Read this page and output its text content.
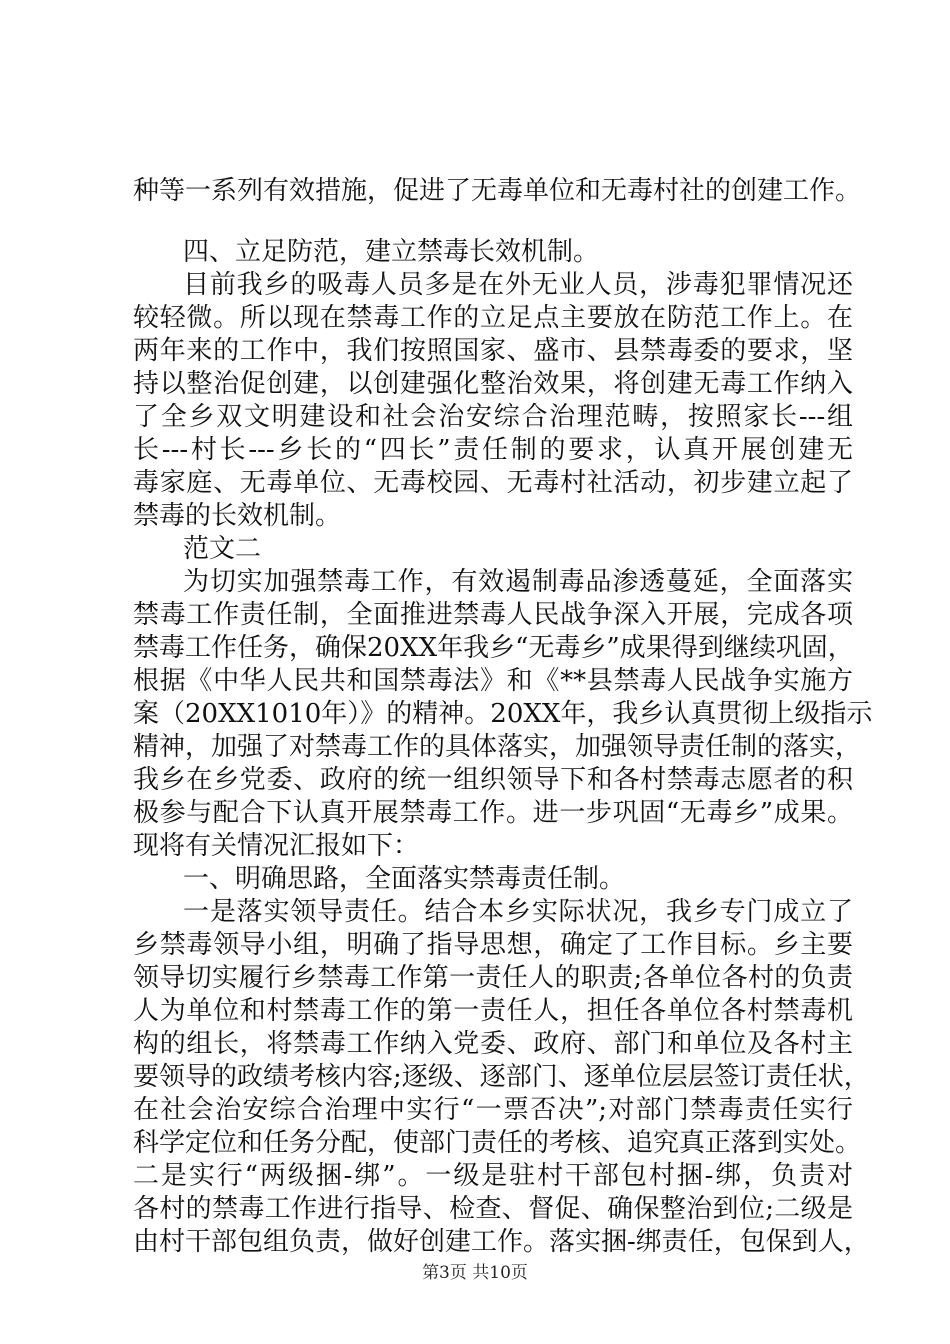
种等一系列有效措施，促进了无毒单位和无毒村社的创建工作。
四、立足防范，建立禁毒长效机制。
目前我乡的吸毒人员多是在外无业人员，涉毒犯罪情况还
较轻微。所以现在禁毒工作的立足点主要放在防范工作上。在
两年来的工作中，我们按照国家、盛市、县禁毒委的要求，坚
持以整治促创建，以创建强化整治效果，将创建无毒工作纳入
了全乡双文明建设和社会治安综合治理范畴，按照家长---组
长---村长---乡长的“四长”责任制的要求，认真开展创建无
毒家庭、无毒单位、无毒校园、无毒村社活动，初步建立起了
禁毒的长效机制。
范文二
为切实加强禁毒工作，有效遏制毒品渗透蔓延，全面落实
禁毒工作责任制，全面推进禁毒人民战争深入开展，完成各项
禁毒工作任务，确保20XX年我乡“无毒乡”成果得到继续巩固，
根据《中华人民共和国禁毒法》和《**县禁毒人民战争实施方
案（20XX1010年）》的精神。20XX年，我乡认真贯彻上级指示
精神，加强了对禁毒工作的具体落实，加强领导责任制的落实，
我乡在乡党委、政府的统一组织领导下和各村禁毒志愿者的积
极参与配合下认真开展禁毒工作。进一步巩固“无毒乡”成果。
现将有关情况汇报如下：
一、明确思路，全面落实禁毒责任制。
一是落实领导责任。结合本乡实际状况，我乡专门成立了
乡禁毒领导小组，明确了指导思想，确定了工作目标。乡主要
领导切实履行乡禁毒工作第一责任人的职责;各单位各村的负责
人为单位和村禁毒工作的第一责任人，担任各单位各村禁毒机
构的组长，将禁毒工作纳入党委、政府、部门和单位及各村主
要领导的政绩考核内容;逐级、逐部门、逐单位层层签订责任状，
在社会治安综合治理中实行“一票否决”;对部门禁毒责任实行
科学定位和任务分配，使部门责任的考核、追究真正落到实处。
二是实行“两级捆-绑”。一级是驻村干部包村捆-绑，负责对
各村的禁毒工作进行指导、检查、督促、确保整治到位;二级是
由村干部包组负责，做好创建工作。落实捆-绑责任，包保到人，
第3页 共10页
